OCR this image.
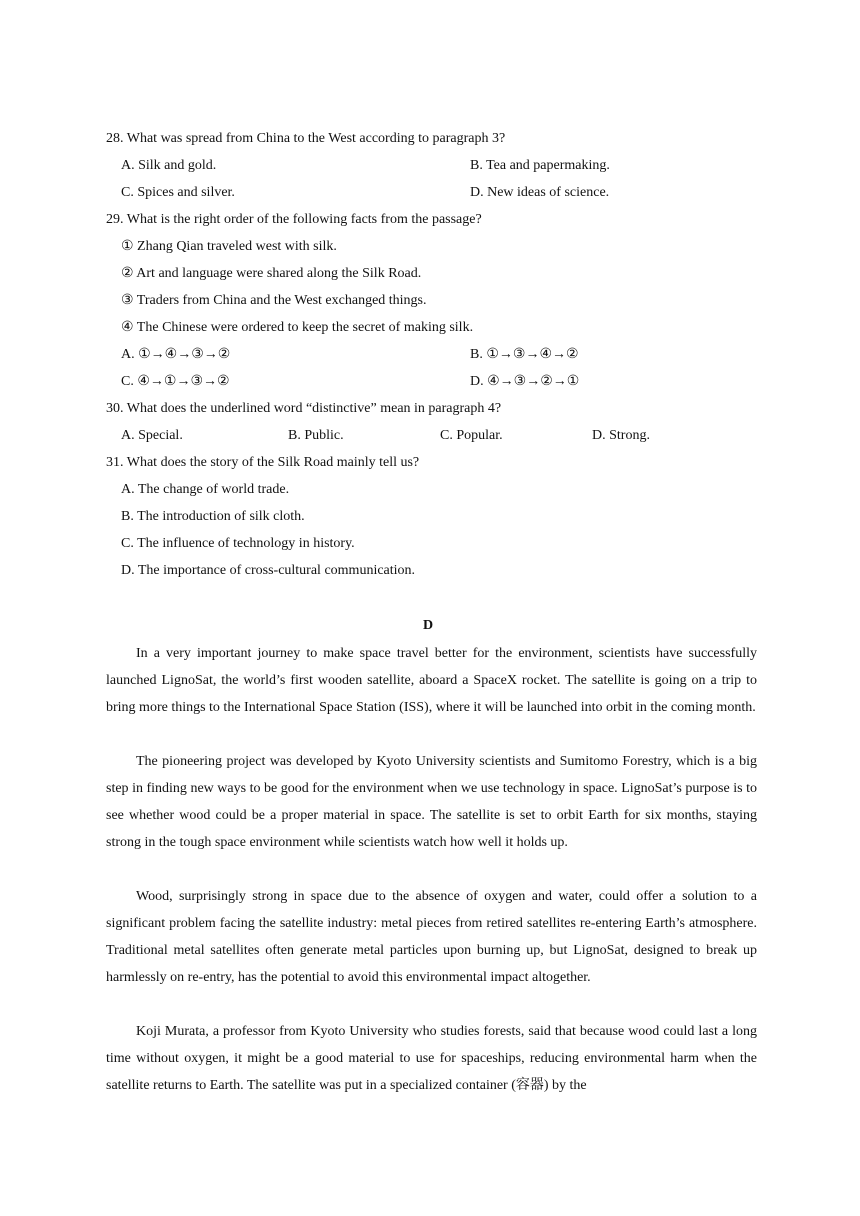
28. What was spread from China to the West according to paragraph 3?
A. Silk and gold.	B. Tea and papermaking.
C. Spices and silver.	D. New ideas of science.
29. What is the right order of the following facts from the passage?
① Zhang Qian traveled west with silk.
② Art and language were shared along the Silk Road.
③ Traders from China and the West exchanged things.
④ The Chinese were ordered to keep the secret of making silk.
A. ①→④→③→②	B. ①→③→④→②
C. ④→①→③→②	D. ④→③→②→①
30. What does the underlined word “distinctive” mean in paragraph 4?
A. Special.	B. Public.	C. Popular.	D. Strong.
31. What does the story of the Silk Road mainly tell us?
A. The change of world trade.
B. The introduction of silk cloth.
C. The influence of technology in history.
D. The importance of cross-cultural communication.
D
In a very important journey to make space travel better for the environment, scientists have successfully launched LignoSat, the world’s first wooden satellite, aboard a SpaceX rocket. The satellite is going on a trip to bring more things to the International Space Station (ISS), where it will be launched into orbit in the coming month.
The pioneering project was developed by Kyoto University scientists and Sumitomo Forestry, which is a big step in finding new ways to be good for the environment when we use technology in space. LignoSat’s purpose is to see whether wood could be a proper material in space. The satellite is set to orbit Earth for six months, staying strong in the tough space environment while scientists watch how well it holds up.
Wood, surprisingly strong in space due to the absence of oxygen and water, could offer a solution to a significant problem facing the satellite industry: metal pieces from retired satellites re-entering Earth’s atmosphere. Traditional metal satellites often generate metal particles upon burning up, but LignoSat, designed to break up harmlessly on re-entry, has the potential to avoid this environmental impact altogether.
Koji Murata, a professor from Kyoto University who studies forests, said that because wood could last a long time without oxygen, it might be a good material to use for spaceships, reducing environmental harm when the satellite returns to Earth. The satellite was put in a specialized container (容器) by the
